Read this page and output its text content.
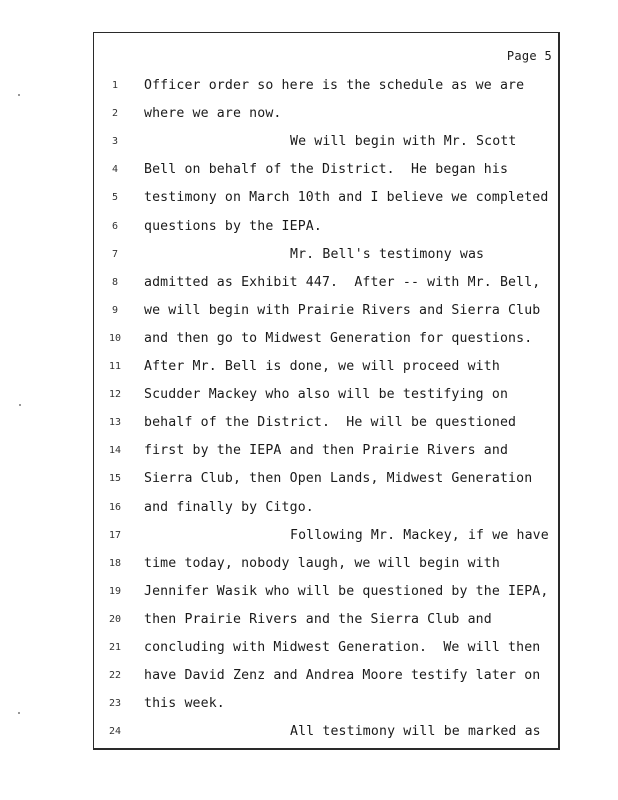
Page 5
1	Officer order so here is the schedule as we are
2	where we are now.
3	We will begin with Mr. Scott
4	Bell on behalf of the District.  He began his
5	testimony on March 10th and I believe we completed
6	questions by the IEPA.
7	Mr. Bell's testimony was
8	admitted as Exhibit 447.  After -- with Mr. Bell,
9	we will begin with Prairie Rivers and Sierra Club
10	and then go to Midwest Generation for questions.
11	After Mr. Bell is done, we will proceed with
12	Scudder Mackey who also will be testifying on
13	behalf of the District.  He will be questioned
14	first by the IEPA and then Prairie Rivers and
15	Sierra Club, then Open Lands, Midwest Generation
16	and finally by Citgo.
17	Following Mr. Mackey, if we have
18	time today, nobody laugh, we will begin with
19	Jennifer Wasik who will be questioned by the IEPA,
20	then Prairie Rivers and the Sierra Club and
21	concluding with Midwest Generation.  We will then
22	have David Zenz and Andrea Moore testify later on
23	this week.
24	All testimony will be marked as
